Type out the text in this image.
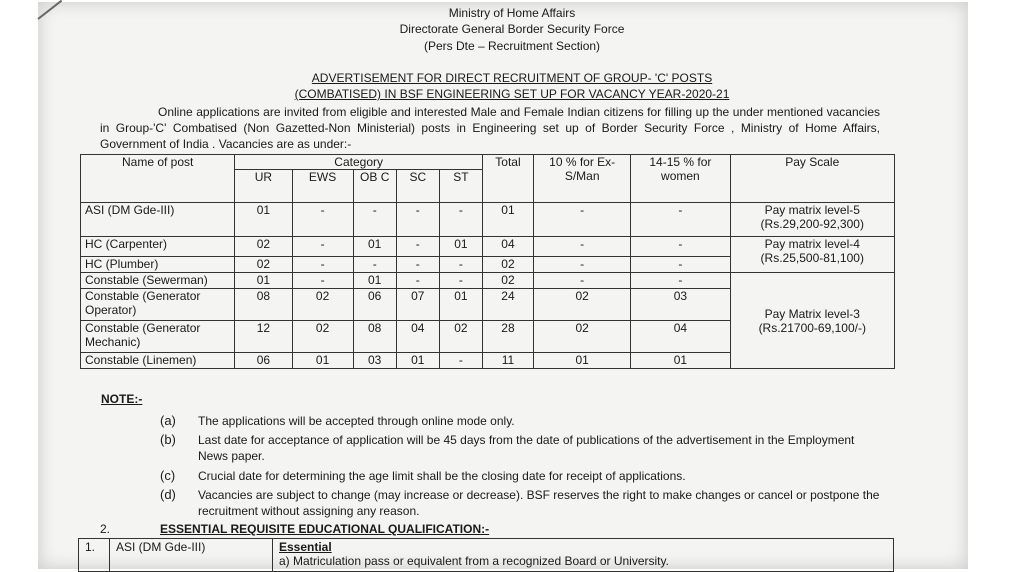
Ministry of Home Affairs
Directorate General Border Security Force
(Pers Dte – Recruitment Section)
ADVERTISEMENT FOR DIRECT RECRUITMENT OF GROUP- 'C' POSTS
(COMBATISED) IN BSF ENGINEERING SET UP FOR VACANCY YEAR-2020-21
Online applications are invited from eligible and interested Male and Female Indian citizens for filling up the under mentioned vacancies in Group-'C' Combatised (Non Gazetted-Non Ministerial) posts in Engineering set up of Border Security Force , Ministry of Home Affairs, Government of India . Vacancies are as under:-
Name of post	Category					Total	10 % for Ex-S/Man	14-15 % for women	Pay Scale
	UR	EWS	OB C	SC	ST				
ASI (DM Gde-III)	01	-	-	-	-	01	-	-	Pay matrix level-5 (Rs.29,200-92,300)
HC (Carpenter)	02	-	01	-	01	04	-	-	Pay matrix level-4 (Rs.25,500-81,100)
HC (Plumber)	02	-	-	-	-	02	-	-	
Constable (Sewerman)	01	-	01	-	-	02	-	-	Pay Matrix level-3 (Rs.21700-69,100/-)
Constable (Generator Operator)	08	02	06	07	01	24	02	03	
Constable (Generator Mechanic)	12	02	08	04	02	28	02	04	
Constable (Linemen)	06	01	03	01	-	11	01	01	
NOTE:-
(a) The applications will be accepted through online mode only.
(b) Last date for acceptance of application will be 45 days from the date of publications of the advertisement in the Employment News paper.
(c) Crucial date for determining the age limit shall be the closing date for receipt of applications.
(d) Vacancies are subject to change (may increase or decrease). BSF reserves the right to make changes or cancel or postpone the recruitment without assigning any reason.
2.	ESSENTIAL REQUISITE EDUCATIONAL QUALIFICATION:-
1.	ASI (DM Gde-III)	Essential
a) Matriculation pass or equivalent from a recognized Board or University.
